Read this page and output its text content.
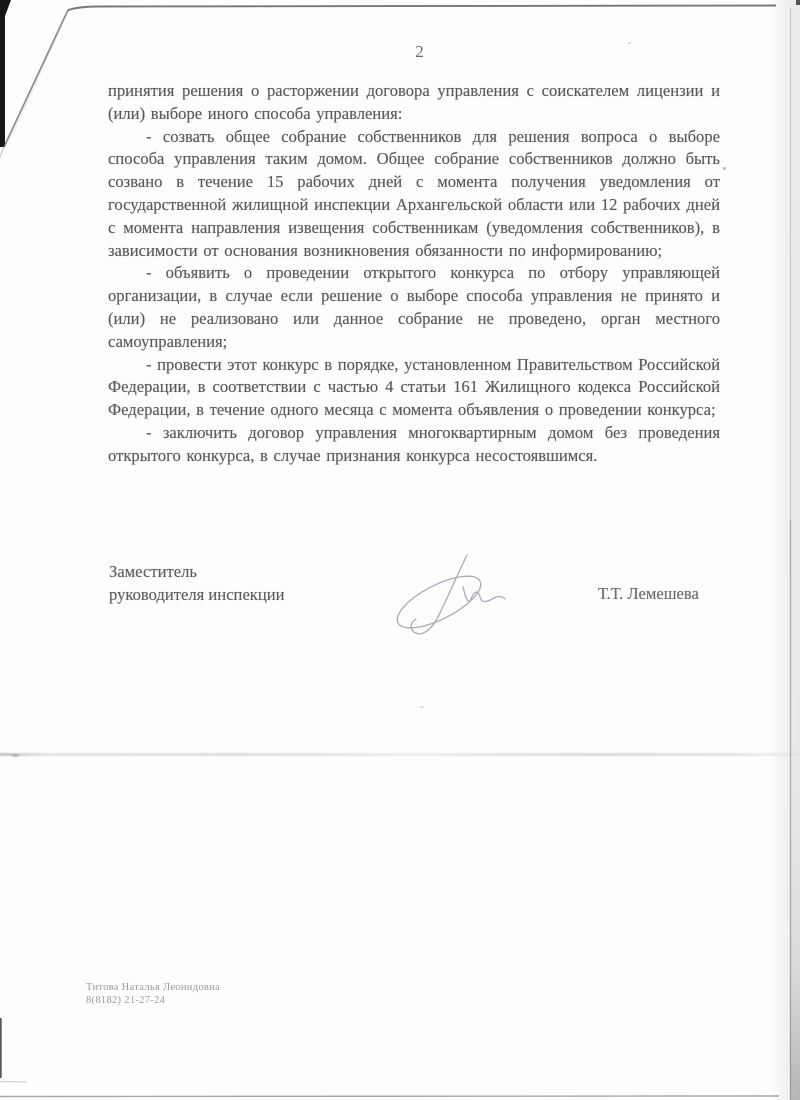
2

принятия решения о расторжении договора управления с соискателем лицензии и (или) выборе иного способа управления:

- созвать общее собрание собственников для решения вопроса о выборе способа управления таким домом. Общее собрание собственников должно быть созвано в течение 15 рабочих дней с момента получения уведомления от государственной жилищной инспекции Архангельской области или 12 рабочих дней с момента направления извещения собственникам (уведомления собственников), в зависимости от основания возникновения обязанности по информированию;

- объявить о проведении открытого конкурса по отбору управляющей организации, в случае если решение о выборе способа управления не принято и (или) не реализовано или данное собрание не проведено, орган местного самоуправления;

- провести этот конкурс в порядке, установленном Правительством Российской Федерации, в соответствии с частью 4 статьи 161 Жилищного кодекса Российской Федерации, в течение одного месяца с момента объявления о проведении конкурса;

- заключить договор управления многоквартирным домом без проведения открытого конкурса, в случае признания конкурса несостоявшимся.

Заместитель
руководителя инспекции	Т.Т. Лемешева
Титова Наталья Леонидовна
8(8182) 21-27-24
